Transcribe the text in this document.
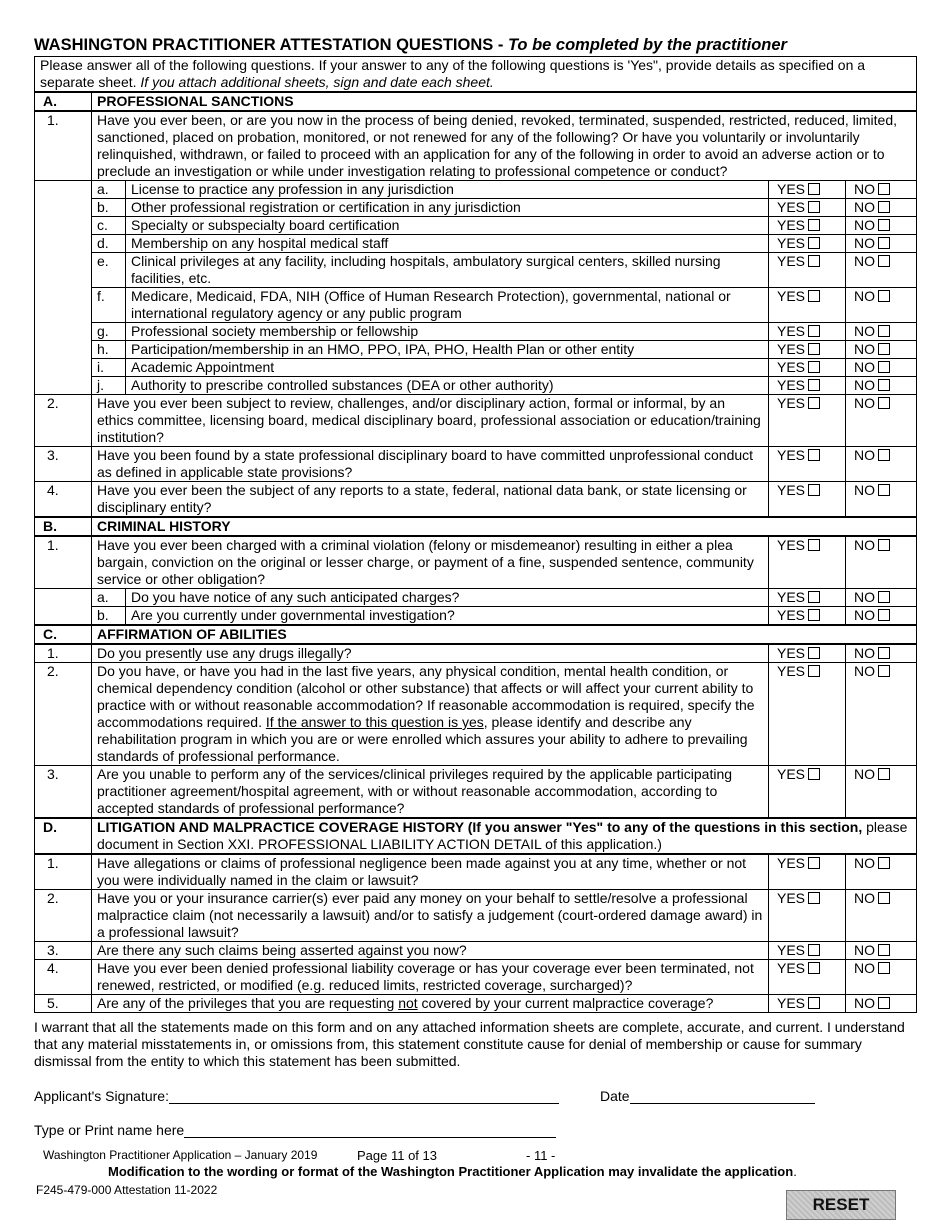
WASHINGTON PRACTITIONER ATTESTATION QUESTIONS - To be completed by the practitioner
Please answer all of the following questions. If your answer to any of the following questions is 'Yes", provide details as specified on a separate sheet. If you attach additional sheets, sign and date each sheet.				
A.	PROFESSIONAL SANCTIONS			
1.	Have you ever been, or are you now in the process of being denied, revoked, terminated, suspended, restricted, reduced, limited, sanctioned, placed on probation, monitored, or not renewed for any of the following? Or have you voluntarily or involuntarily relinquished, withdrawn, or failed to proceed with an application for any of the following in order to avoid an adverse action or to preclude an investigation or while under investigation relating to professional competence or conduct?			
	a.	License to practice any profession in any jurisdiction	YES	NO
	b.	Other professional registration or certification in any jurisdiction	YES	NO
	c.	Specialty or subspecialty board certification	YES	NO
	d.	Membership on any hospital medical staff	YES	NO
	e.	Clinical privileges at any facility, including hospitals, ambulatory surgical centers, skilled nursing facilities, etc.	YES	NO
	f.	Medicare, Medicaid, FDA, NIH (Office of Human Research Protection), governmental, national or international regulatory agency or any public program	YES	NO
	g.	Professional society membership or fellowship	YES	NO
	h.	Participation/membership in an HMO, PPO, IPA, PHO, Health Plan or other entity	YES	NO
	i.	Academic Appointment	YES	NO
	j.	Authority to prescribe controlled substances (DEA or other authority)	YES	NO
2.	Have you ever been subject to review, challenges, and/or disciplinary action, formal or informal, by an ethics committee, licensing board, medical disciplinary board, professional association or education/training institution?		YES	NO
3.	Have you been found by a state professional disciplinary board to have committed unprofessional conduct as defined in applicable state provisions?		YES	NO
4.	Have you ever been the subject of any reports to a state, federal, national data bank, or state licensing or disciplinary entity?		YES	NO
B.	CRIMINAL HISTORY			
1.	Have you ever been charged with a criminal violation (felony or misdemeanor) resulting in either a plea bargain, conviction on the original or lesser charge, or payment of a fine, suspended sentence, community service or other obligation?		YES	NO
	a.	Do you have notice of any such anticipated charges?	YES	NO
	b.	Are you currently under governmental investigation?	YES	NO
C.	AFFIRMATION OF ABILITIES			
1.	Do you presently use any drugs illegally?		YES	NO
2.	Do you have, or have you had in the last five years, any physical condition, mental health condition, or chemical dependency condition (alcohol or other substance) that affects or will affect your current ability to practice with or without reasonable accommodation? If reasonable accommodation is required, specify the accommodations required. If the answer to this question is yes, please identify and describe any rehabilitation program in which you are or were enrolled which assures your ability to adhere to prevailing standards of professional performance.		YES	NO
3.	Are you unable to perform any of the services/clinical privileges required by the applicable participating practitioner agreement/hospital agreement, with or without reasonable accommodation, according to accepted standards of professional performance?		YES	NO
D.	LITIGATION AND MALPRACTICE COVERAGE HISTORY (If you answer "Yes" to any of the questions in this section, please document in Section XXI. PROFESSIONAL LIABILITY ACTION DETAIL of this application.)			
1.	Have allegations or claims of professional negligence been made against you at any time, whether or not you were individually named in the claim or lawsuit?		YES	NO
2.	Have you or your insurance carrier(s) ever paid any money on your behalf to settle/resolve a professional malpractice claim (not necessarily a lawsuit) and/or to satisfy a judgement (court-ordered damage award) in a professional lawsuit?		YES	NO
3.	Are there any such claims being asserted against you now?		YES	NO
4.	Have you ever been denied professional liability coverage or has your coverage ever been terminated, not renewed, restricted, or modified (e.g. reduced limits, restricted coverage, surcharged)?		YES	NO
5.	Are any of the privileges that you are requesting not covered by your current malpractice coverage?		YES	NO
I warrant that all the statements made on this form and on any attached information sheets are complete, accurate, and current. I understand that any material misstatements in, or omissions from, this statement constitute cause for denial of membership or cause for summary dismissal from the entity to which this statement has been submitted.
Applicant's Signature:	Date
Type or Print name here
Washington Practitioner Application – January 2019	Page 11 of 13	- 11 -
Modification to the wording or format of the Washington Practitioner Application may invalidate the application.
F245-479-000 Attestation 11-2022
RESET
